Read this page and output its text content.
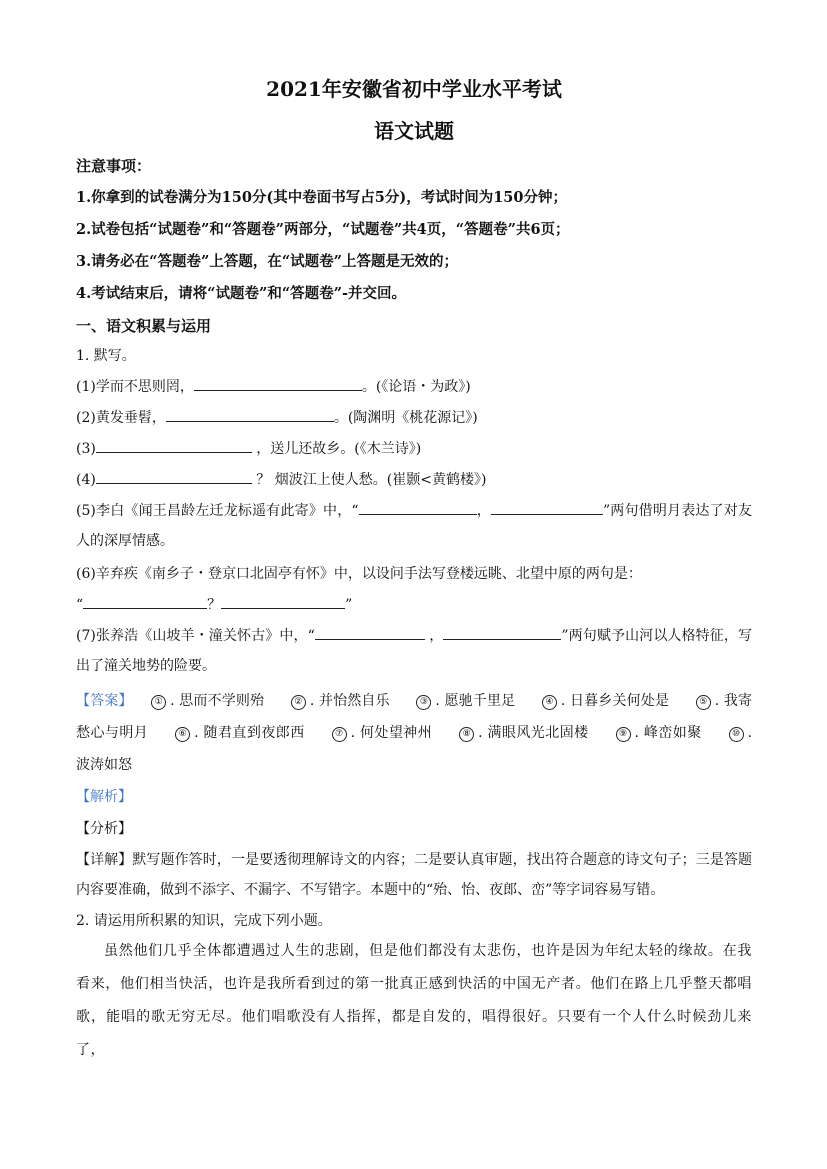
2021年安徽省初中学业水平考试
语文试题
注意事项：
1.你拿到的试卷满分为150分(其中卷面书写占5分)，考试时间为150分钟；
2.试卷包括“试题卷”和“答题卷”两部分，“试题卷”共4页，“答题卷”共6页；
3.请务必在“答题卷”上答题，在“试题卷”上答题是无效的；
4.考试结束后，请将“试题卷”和“答题卷”-并交回。
一、语文积累与运用
1. 默写。
(1)学而不思则罔，	。(《论语・为政》)
(2)黄发垂髫，	。(陶渊明《桃花源记》)
(3)	，送儿还故乡。(《木兰诗》)
(4)	？ 烟波江上使人愁。(崔颢<黄鹤楼》)
(5)李白《闻王昌龄左迁龙标遥有此寄》中，“	，	”两句借明月表达了对友人的深厚情感。
(6)辛弃疾《南乡子・登京口北固亭有怀》中，以设问手法写登楼远眺、北望中原的两句是：
“	？	”
(7)张养浩《山坡羊・潼关怀古》中，“	，	”两句赋予山河以人格特征，写出了潼关地势的险要。
【答案】 ① . 思而不学则殆	② . 并怡然自乐	③ . 愿驰千里足	④ . 日暮乡关何处是	⑤ . 我寄愁心与明月	⑥ . 随君直到夜郎西	⑦ . 何处望神州	⑧ . 满眼风光北固楼	⑨ . 峰峦如聚	⑩ . 波涛如怒
【解析】
【分析】
【详解】默写题作答时，一是要透彻理解诗文的内容；二是要认真审题，找出符合题意的诗文句子；三是答题内容要准确，做到不添字、不漏字、不写错字。本题中的“殆、怡、夜郎、峦”等字词容易写错。
2. 请运用所积累的知识，完成下列小题。
虽然他们几乎全体都遭遇过人生的悲剧，但是他们都没有太悲伤，也许是因为年纪太轻的缘故。在我看来，他们相当快活，也许是我所看到过的第一批真正感到快活的中国无产者。他们在路上几乎整天都唱歌，能唱的歌无穷无尽。他们唱歌没有人指挥，都是自发的，唱得很好。只要有一个人什么时候劲儿来了，
